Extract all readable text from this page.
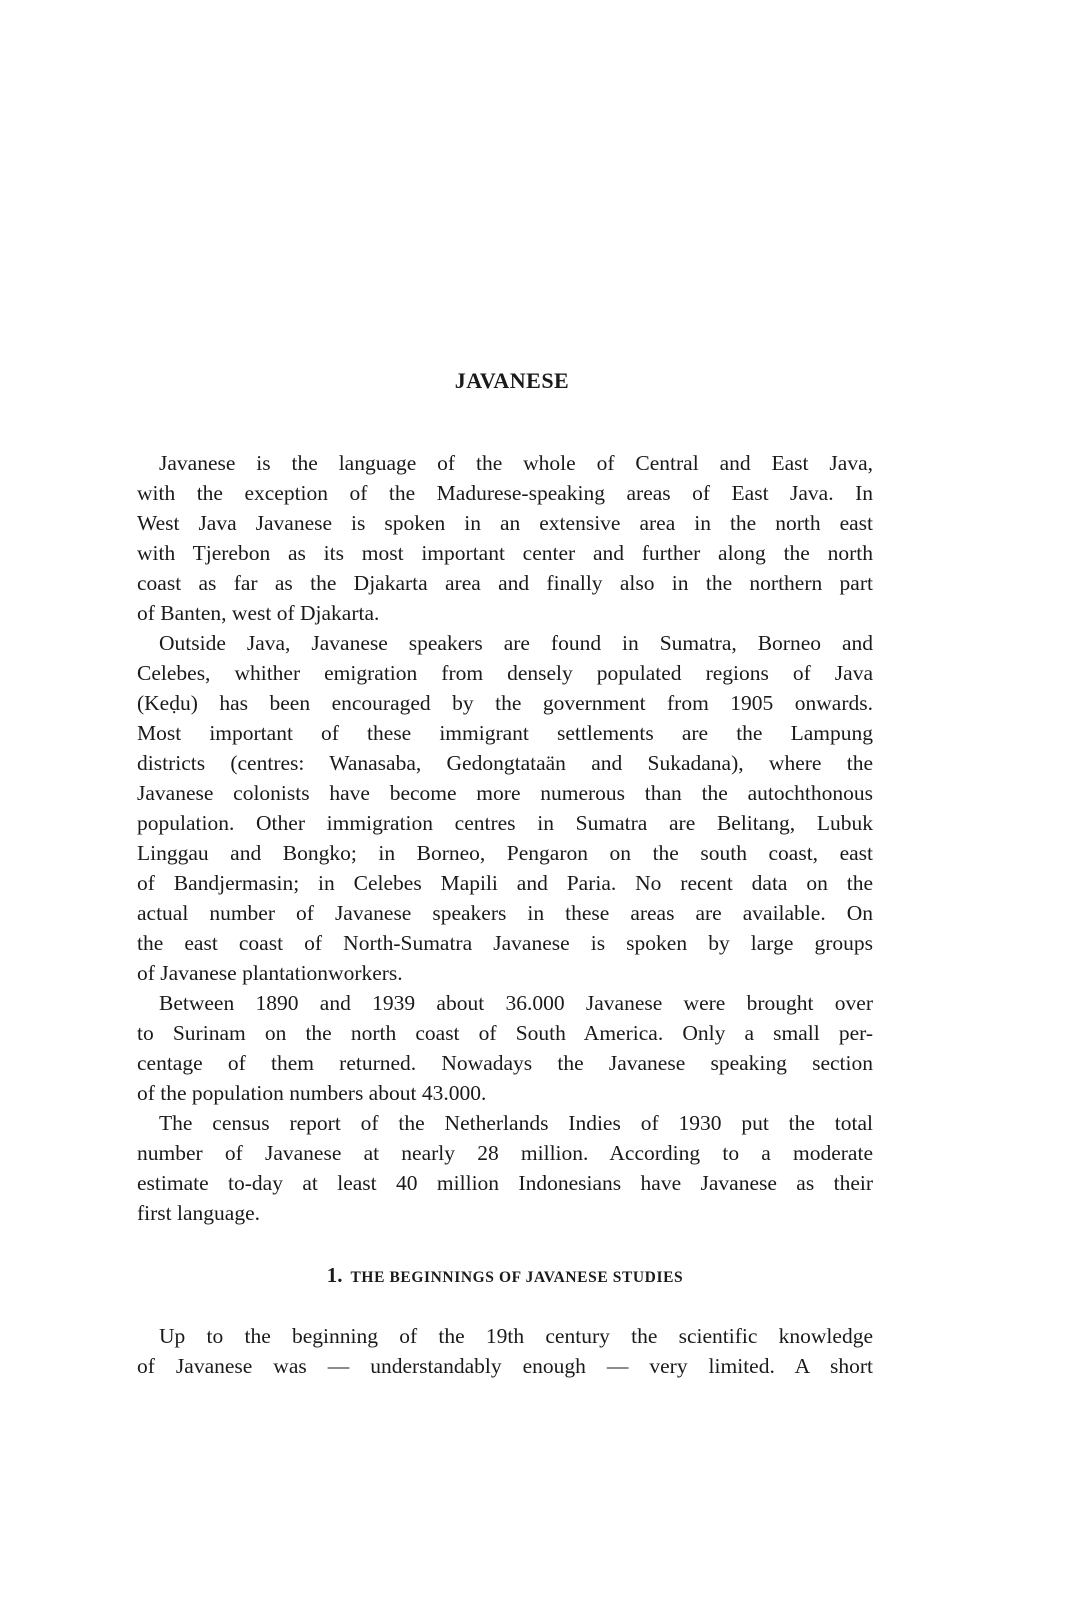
JAVANESE
Javanese is the language of the whole of Central and East Java,
with the exception of the Madurese-speaking areas of East Java. In
West Java Javanese is spoken in an extensive area in the north east
with Tjerebon as its most important center and further along the north
coast as far as the Djakarta area and finally also in the northern part
of Banten, west of Djakarta.
Outside Java, Javanese speakers are found in Sumatra, Borneo and
Celebes, whither emigration from densely populated regions of Java
(Keḍu) has been encouraged by the government from 1905 onwards.
Most important of these immigrant settlements are the Lampung
districts (centres: Wanasaba, Gedongtataän and Sukadana), where the
Javanese colonists have become more numerous than the autochthonous
population. Other immigration centres in Sumatra are Belitang, Lubuk
Linggau and Bongko; in Borneo, Pengaron on the south coast, east
of Bandjermasin; in Celebes Mapili and Paria. No recent data on the
actual number of Javanese speakers in these areas are available. On
the east coast of North-Sumatra Javanese is spoken by large groups
of Javanese plantationworkers.
Between 1890 and 1939 about 36.000 Javanese were brought over
to Surinam on the north coast of South America. Only a small per-
centage of them returned. Nowadays the Javanese speaking section
of the population numbers about 43.000.
The census report of the Netherlands Indies of 1930 put the total
number of Javanese at nearly 28 million. According to a moderate
estimate to-day at least 40 million Indonesians have Javanese as their
first language.
1. THE BEGINNINGS OF JAVANESE STUDIES
Up to the beginning of the 19th century the scientific knowledge
of Javanese was — understandably enough — very limited. A short
